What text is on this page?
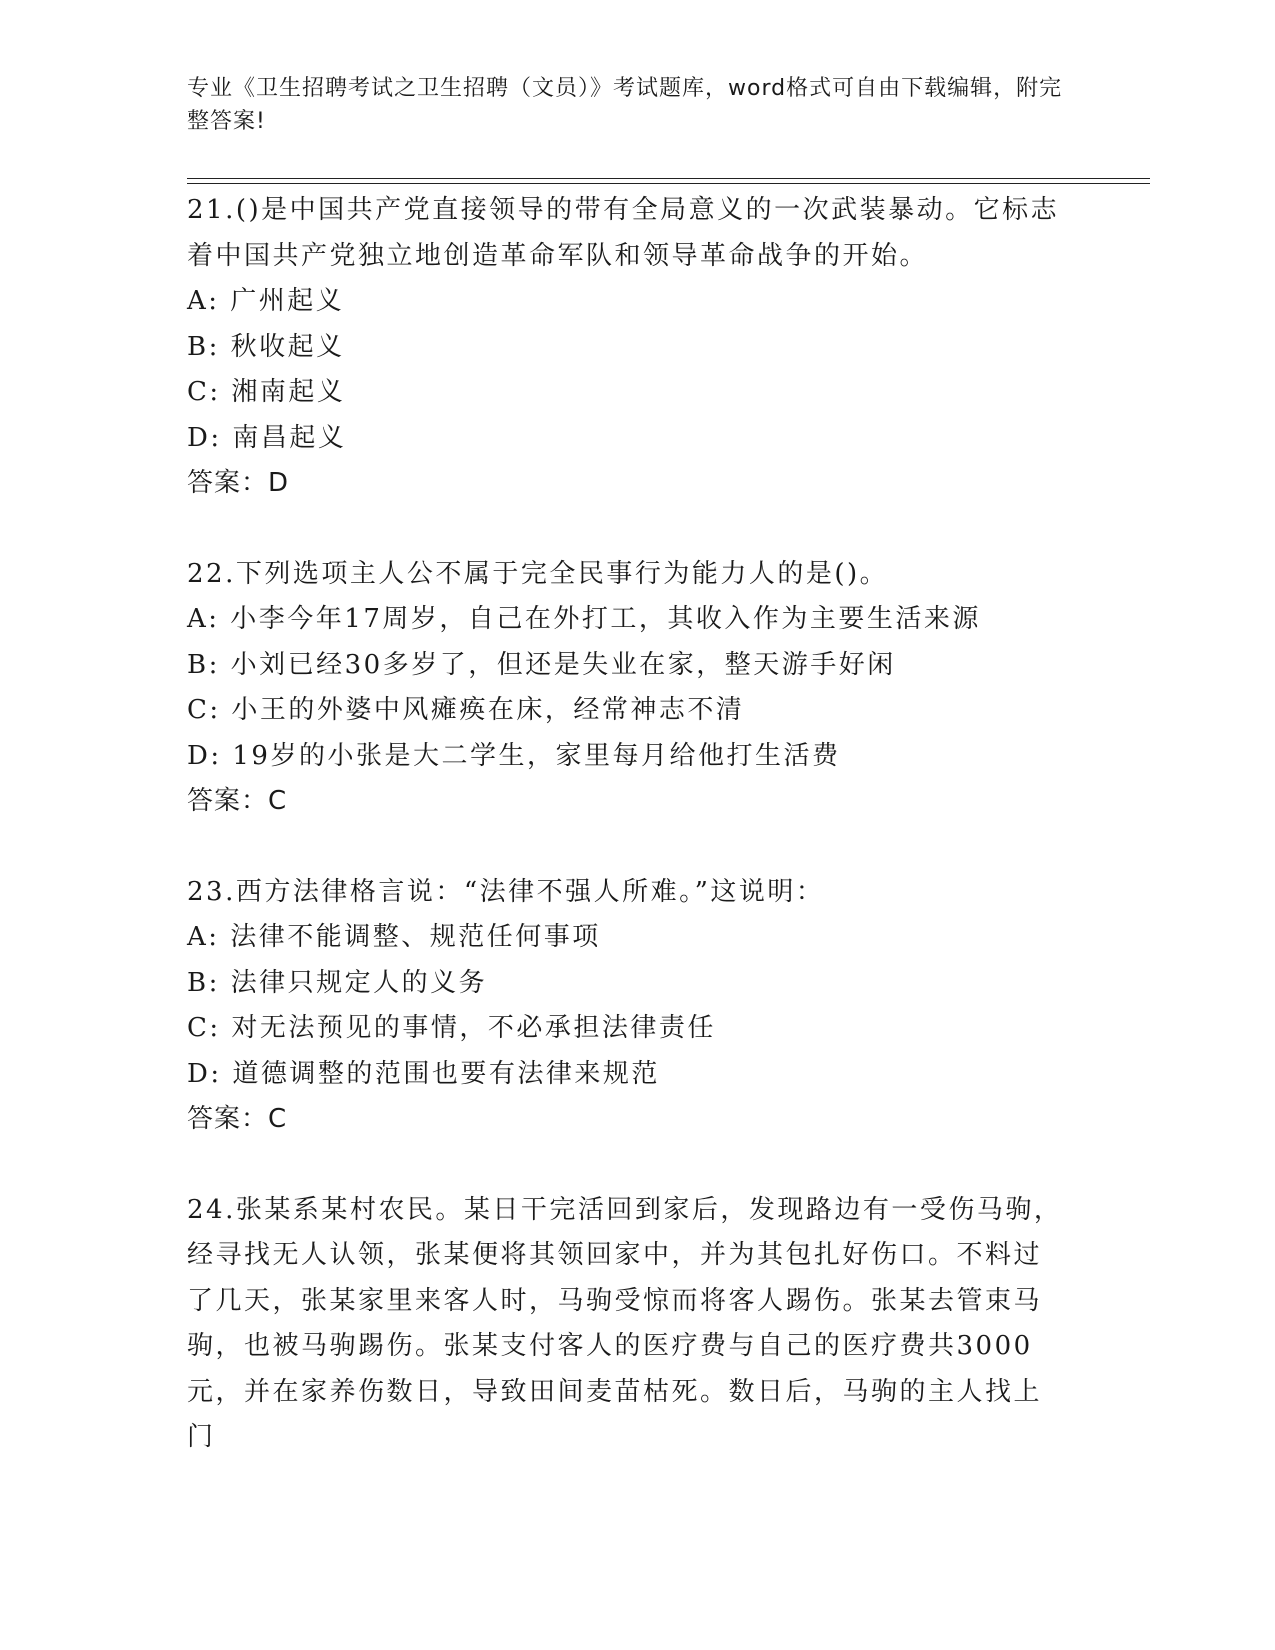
专业《卫生招聘考试之卫生招聘（文员）》考试题库，word格式可自由下载编辑，附完整答案!
21.()是中国共产党直接领导的带有全局意义的一次武装暴动。它标志着中国共产党独立地创造革命军队和领导革命战争的开始。
A: 广州起义
B: 秋收起义
C: 湘南起义
D: 南昌起义
答案：D
22.下列选项主人公不属于完全民事行为能力人的是()。
A: 小李今年17周岁，自己在外打工，其收入作为主要生活来源
B: 小刘已经30多岁了，但还是失业在家，整天游手好闲
C: 小王的外婆中风瘫痪在床，经常神志不清
D: 19岁的小张是大二学生，家里每月给他打生活费
答案：C
23.西方法律格言说：“法律不强人所难。”这说明：
A: 法律不能调整、规范任何事项
B: 法律只规定人的义务
C: 对无法预见的事情，不必承担法律责任
D: 道德调整的范围也要有法律来规范
答案：C
24.张某系某村农民。某日干完活回到家后，发现路边有一受伤马驹，经寻找无人认领，张某便将其领回家中，并为其包扎好伤口。不料过了几天，张某家里来客人时，马驹受惊而将客人踢伤。张某去管束马驹，也被马驹踢伤。张某支付客人的医疗费与自己的医疗费共3000元，并在家养伤数日，导致田间麦苗枯死。数日后，马驹的主人找上门
